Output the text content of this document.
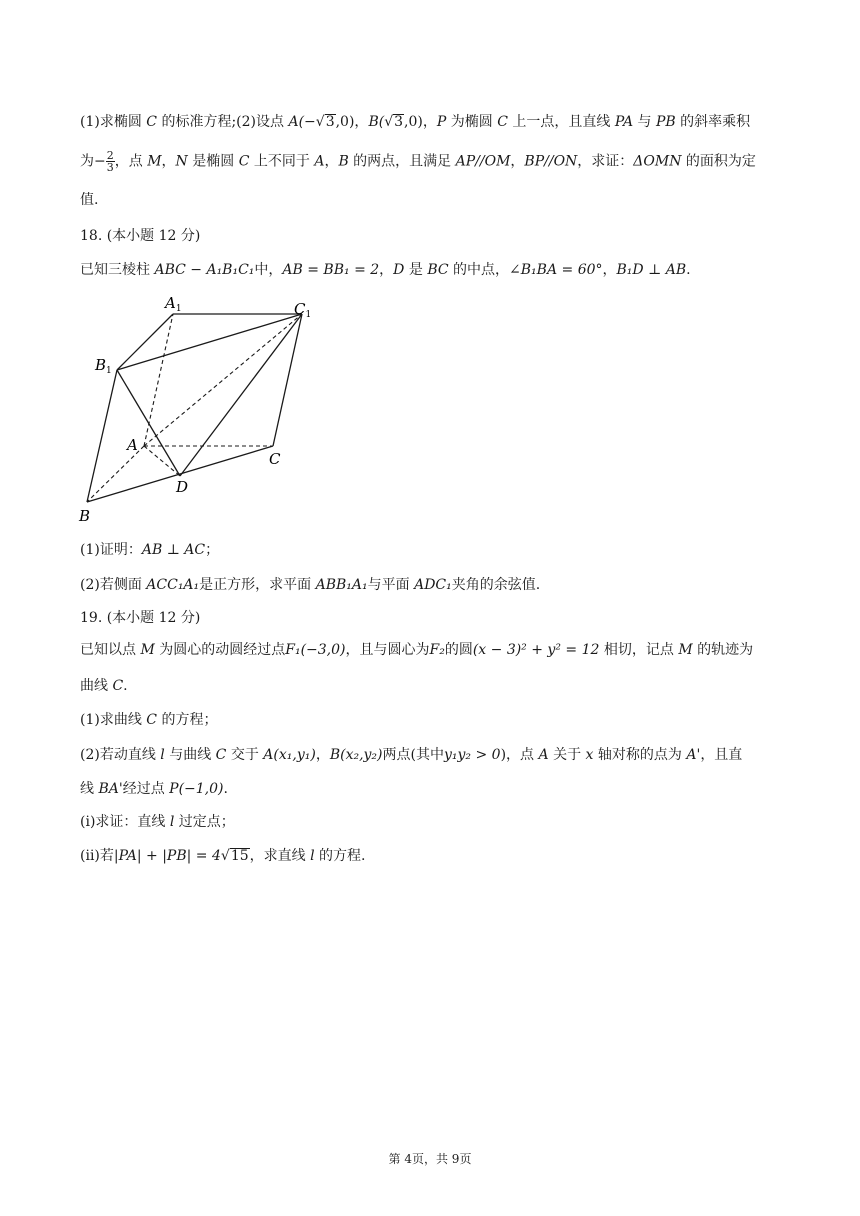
(1)求椭圆 C 的标准方程;(2)设点 A(−√3,0)，B(√3,0)，P 为椭圆 C 上一点，且直线 PA 与 PB 的斜率乘积
为− $\frac{2}{3}$ ，点 M，N 是椭圆 C 上不同于 A，B 的两点，且满足 AP//OM，BP//ON，求证：ΔOMN 的面积为定
值.
18. (本小题 12 分)
已知三棱柱 ABC − A₁B₁C₁中，AB = BB₁ = 2，D 是 BC 的中点，∠B₁BA = 60°，B₁D ⊥ AB.
$A_1$	$C_1$
$B_1$
A
C
D
B
(1)证明：AB ⊥ AC；
(2)若侧面 ACC₁A₁是正方形，求平面 ABB₁A₁与平面 ADC₁夹角的余弦值.
19. (本小题 12 分)
已知以点 M 为圆心的动圆经过点F₁(−3,0)，且与圆心为F₂的圆(x − 3)² + y² = 12 相切，记点 M 的轨迹为
曲线 C.
(1)求曲线 C 的方程；
(2)若动直线 l 与曲线 C 交于 A(x₁,y₁)，B(x₂,y₂)两点(其中y₁y₂ > 0)，点 A 关于 x 轴对称的点为 A'，且直
线 BA'经过点 P(−1,0).
(ⅰ)求证：直线 l 过定点；
(ⅱ)若|PA| + |PB| = 4√15，求直线 l 的方程.
第 4页，共 9页
